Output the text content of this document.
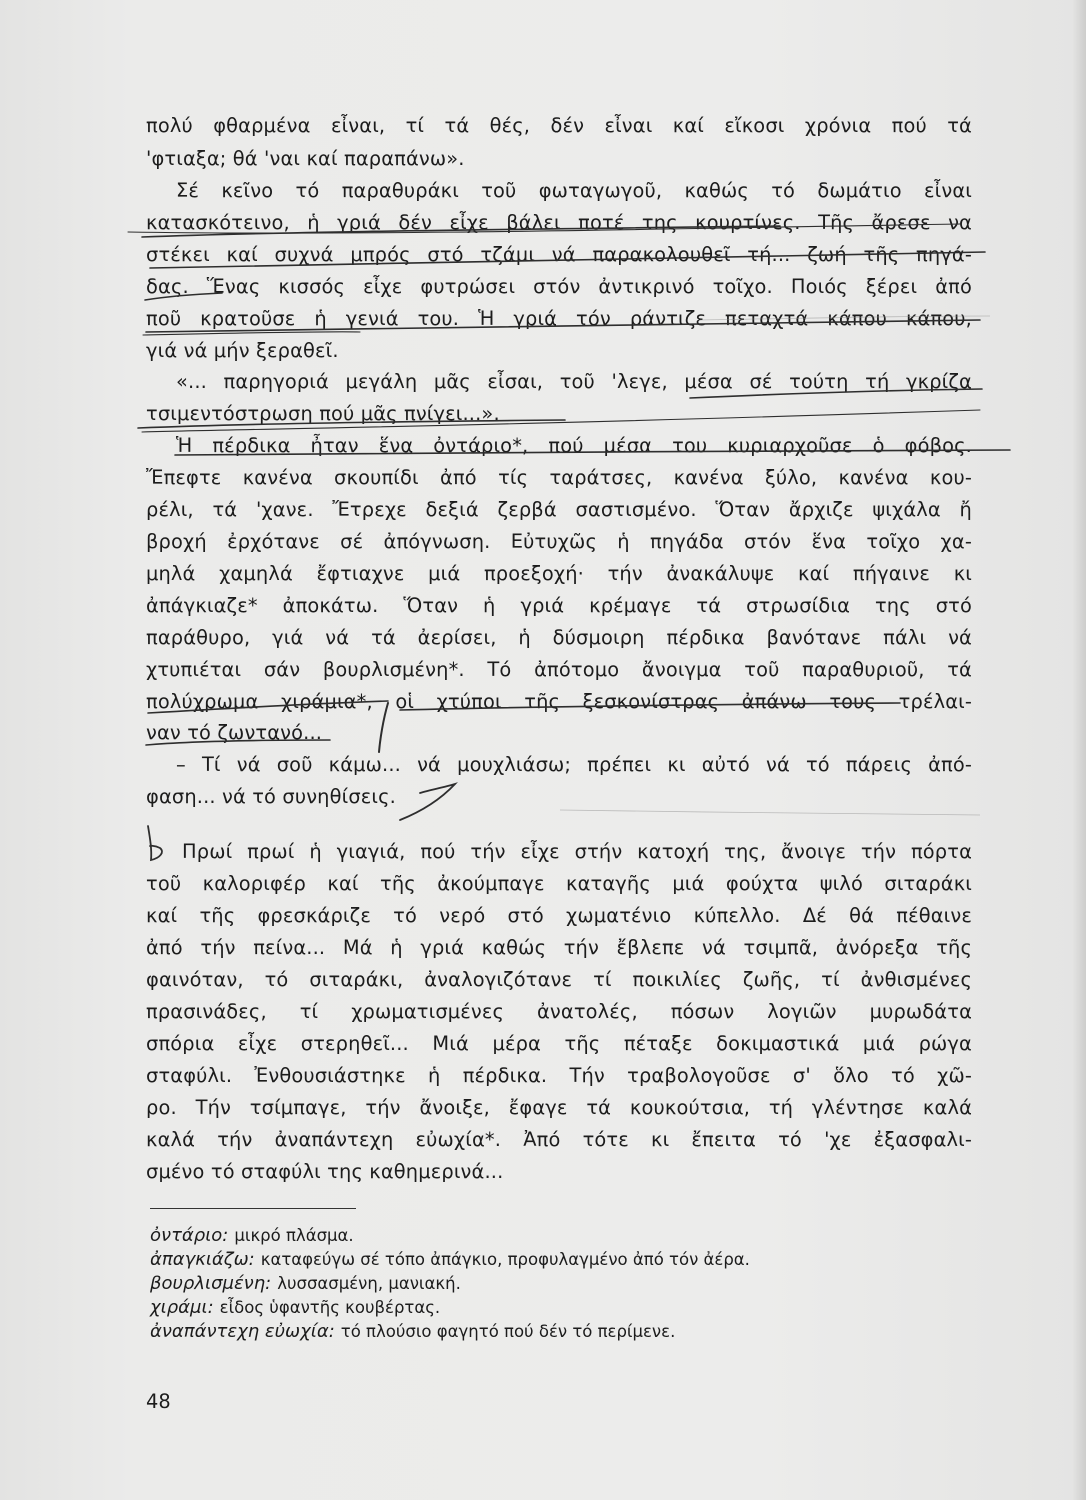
πολύ φθαρμένα εἶναι, τί τά θές, δέν εἶναι καί εἴκοσι χρόνια πού τά
'φτιαξα; θά 'ναι καί παραπάνω».
Σέ κεῖνο τό παραθυράκι τοῦ φωταγωγοῦ, καθώς τό δωμάτιο εἶναι
κατασκότεινο, ἡ γριά δέν εἶχε βάλει ποτέ της κουρτίνες. Τῆς ἄρεσε να
στέκει καί συχνά μπρός στό τζάμι νά παρακολουθεῖ τή... ζωή τῆς πηγά-
δας. Ἕνας κισσός εἶχε φυτρώσει στόν ἀντικρινό τοῖχο. Ποιός ξέρει ἀπό
ποῦ κρατοῦσε ἡ γενιά του. Ἡ γριά τόν ράντιζε πεταχτά κάπου κάπου,
γιά νά μήν ξεραθεῖ.
«... παρηγοριά μεγάλη μᾶς εἶσαι, τοῦ 'λεγε, μέσα σέ τούτη τή γκρίζα
τσιμεντόστρωση πού μᾶς πνίγει...».
Ἡ πέρδικα ἦταν ἕνα ὀντάριο*, πού μέσα του κυριαρχοῦσε ὁ φόβος.
Ἔπεφτε κανένα σκουπίδι ἀπό τίς ταράτσες, κανένα ξύλο, κανένα κου-
ρέλι, τά 'χανε. Ἔτρεχε δεξιά ζερβά σαστισμένο. Ὅταν ἄρχιζε ψιχάλα ἤ
βροχή ἐρχότανε σέ ἀπόγνωση. Εὐτυχῶς ἡ πηγάδα στόν ἕνα τοῖχο χα-
μηλά χαμηλά ἔφτιαχνε μιά προεξοχή· τήν ἀνακάλυψε καί πήγαινε κι
ἀπάγκιαζε* ἀποκάτω. Ὅταν ἡ γριά κρέμαγε τά στρωσίδια της στό
παράθυρο, γιά νά τά ἀερίσει, ἡ δύσμοιρη πέρδικα βανότανε πάλι νά
χτυπιέται σάν βουρλισμένη*. Τό ἀπότομο ἄνοιγμα τοῦ παραθυριοῦ, τά
πολύχρωμα χιράμια*, οἱ χτύποι τῆς ξεσκονίστρας ἀπάνω τους τρέλαι-
ναν τό ζωντανό...
– Τί νά σοῦ κάμω... νά μουχλιάσω; πρέπει κι αὐτό νά τό πάρεις ἀπό-
φαση... νά τό συνηθίσεις.
Πρωί πρωί ἡ γιαγιά, πού τήν εἶχε στήν κατοχή της, ἄνοιγε τήν πόρτα
τοῦ καλοριφέρ καί τῆς ἀκούμπαγε καταγῆς μιά φούχτα ψιλό σιταράκι
καί τῆς φρεσκάριζε τό νερό στό χωματένιο κύπελλο. Δέ θά πέθαινε
ἀπό τήν πείνα... Μά ἡ γριά καθώς τήν ἔβλεπε νά τσιμπᾶ, ἀνόρεξα τῆς
φαινόταν, τό σιταράκι, ἀναλογιζότανε τί ποικιλίες ζωῆς, τί ἀνθισμένες
πρασινάδες, τί χρωματισμένες ἀνατολές, πόσων λογιῶν μυρωδάτα
σπόρια εἶχε στερηθεῖ... Μιά μέρα τῆς πέταξε δοκιμαστικά μιά ρώγα
σταφύλι. Ἐνθουσιάστηκε ἡ πέρδικα. Τήν τραβολογοῦσε σ' ὅλο τό χῶ-
ρο. Τήν τσίμπαγε, τήν ἄνοιξε, ἔφαγε τά κουκούτσια, τή γλέντησε καλά
καλά τήν ἀναπάντεχη εὐωχία*. Ἀπό τότε κι ἔπειτα τό 'χε ἐξασφαλι-
σμένο τό σταφύλι της καθημερινά...
ὀντάριο: μικρό πλάσμα.
ἀπαγκιάζω: καταφεύγω σέ τόπο ἀπάγκιο, προφυλαγμένο ἀπό τόν ἀέρα.
βουρλισμένη: λυσσασμένη, μανιακή.
χιράμι: εἶδος ὑφαντῆς κουβέρτας.
ἀναπάντεχη εὐωχία: τό πλούσιο φαγητό πού δέν τό περίμενε.
48
